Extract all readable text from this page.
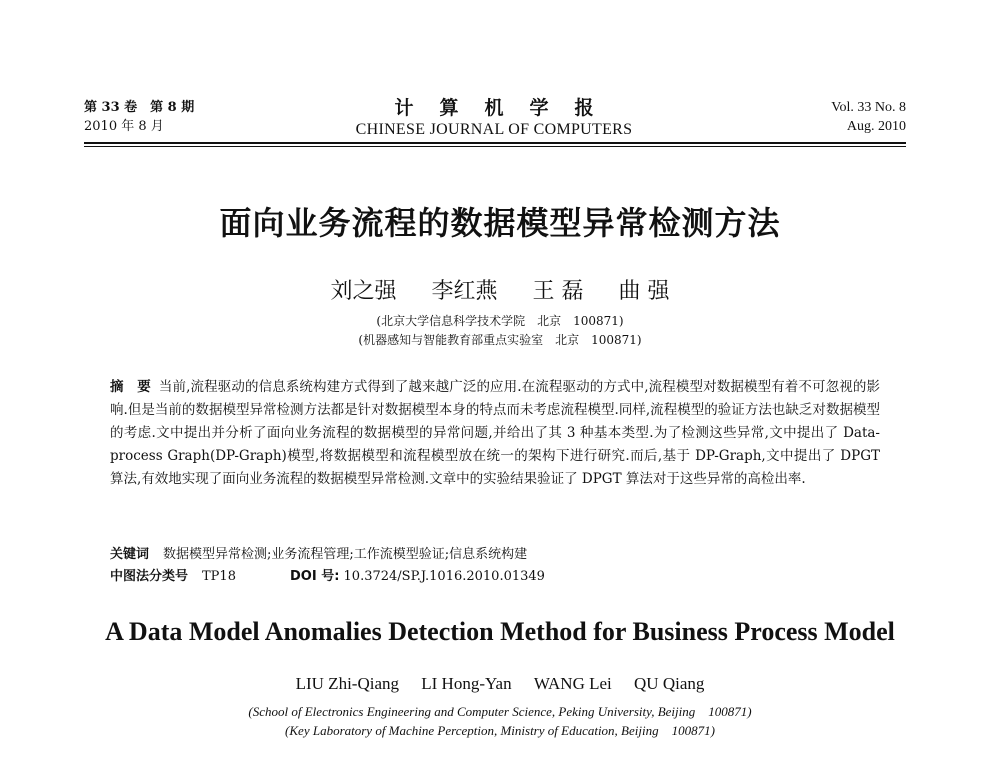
第 33 卷　第 8 期
2010 年 8 月
计算机学报
CHINESE JOURNAL OF COMPUTERS
Vol. 33 No. 8
Aug. 2010
面向业务流程的数据模型异常检测方法
刘之强 李红燕 王 磊 曲 强
(北京大学信息科学技术学院　北京　100871)
(机器感知与智能教育部重点实验室　北京　100871)
摘　要 当前,流程驱动的信息系统构建方式得到了越来越广泛的应用.在流程驱动的方式中,流程模型对数据模型有着不可忽视的影响.但是当前的数据模型异常检测方法都是针对数据模型本身的特点而未考虑流程模型.同样,流程模型的验证方法也缺乏对数据模型的考虑.文中提出并分析了面向业务流程的数据模型的异常问题,并给出了其 3 种基本类型.为了检测这些异常,文中提出了 Data-process Graph(DP-Graph)模型,将数据模型和流程模型放在统一的架构下进行研究.而后,基于 DP-Graph,文中提出了 DPGT 算法,有效地实现了面向业务流程的数据模型异常检测.文章中的实验结果验证了 DPGT 算法对于这些异常的高检出率.
关键词 数据模型异常检测;业务流程管理;工作流模型验证;信息系统构建
中图法分类号 TP18	DOI 号: 10.3724/SP.J.1016.2010.01349
A Data Model Anomalies Detection Method for Business Process Model
LIU Zhi-Qiang LI Hong-Yan WANG Lei QU Qiang
(School of Electronics Engineering and Computer Science, Peking University, Beijing　100871)
(Key Laboratory of Machine Perception, Ministry of Education, Beijing　100871)
